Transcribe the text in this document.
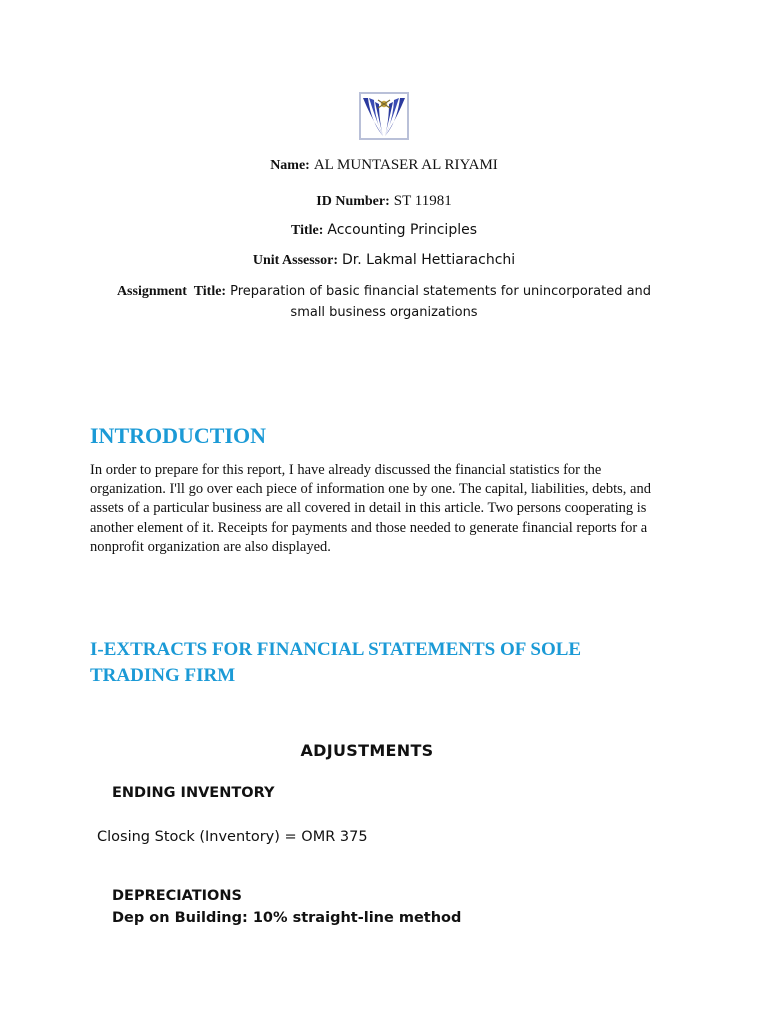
Name: AL MUNTASER AL RIYAMI
ID Number: ST 11981
Title: Accounting Principles
Unit Assessor: Dr. Lakmal Hettiarachchi
Assignment  Title: Preparation of basic financial statements for unincorporated and small business organizations
INTRODUCTION
In order to prepare for this report, I have already discussed the financial statistics for the organization. I'll go over each piece of information one by one. The capital, liabilities, debts, and assets of a particular business are all covered in detail in this article. Two persons cooperating is another element of it. Receipts for payments and those needed to generate financial reports for a nonprofit organization are also displayed.
I-EXTRACTS FOR FINANCIAL STATEMENTS OF SOLE TRADING FIRM
ADJUSTMENTS
ENDING INVENTORY
Closing Stock (Inventory) = OMR 375
DEPRECIATIONS
Dep on Building: 10% straight-line method
